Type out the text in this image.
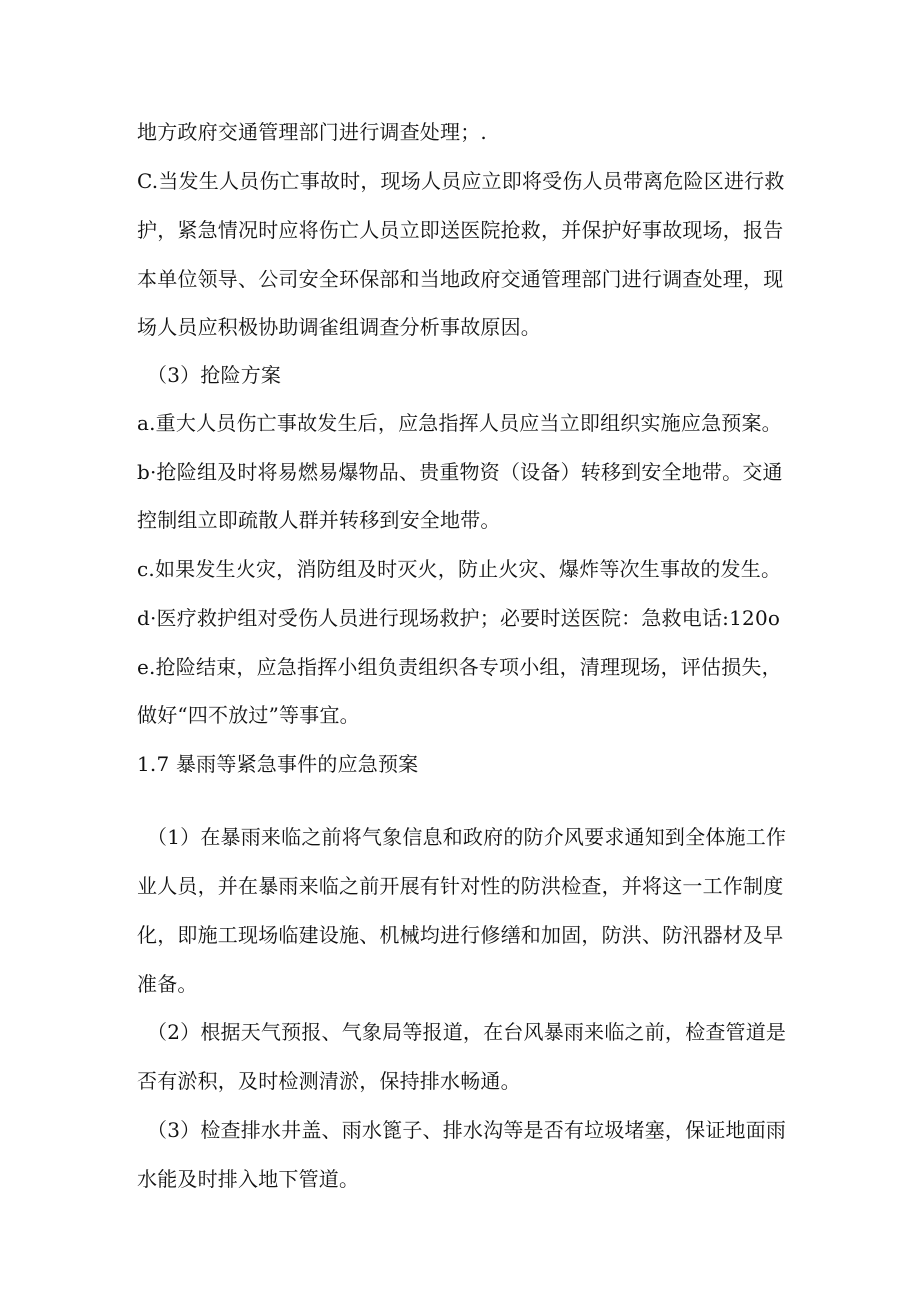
地方政府交通管理部门进行调查处理；.
C.当发生人员伤亡事故时，现场人员应立即将受伤人员带离危险区进行救
护，紧急情况时应将伤亡人员立即送医院抢救，并保护好事故现场，报告
本单位领导、公司安全环保部和当地政府交通管理部门进行调查处理，现
场人员应积极协助调雀组调查分析事故原因。
（3）抢险方案
a.重大人员伤亡事故发生后，应急指挥人员应当立即组织实施应急预案。
b·抢险组及时将易燃易爆物品、贵重物资（设备）转移到安全地带。交通
控制组立即疏散人群并转移到安全地带。
c.如果发生火灾，消防组及时灭火，防止火灾、爆炸等次生事故的发生。
d·医疗救护组对受伤人员进行现场救护；必要时送医院：急救电话:120o
e.抢险结束，应急指挥小组负责组织各专项小组，清理现场，评估损失，
做好“四不放过”等事宜。
1.7 暴雨等紧急事件的应急预案
（1）在暴雨来临之前将气象信息和政府的防介风要求通知到全体施工作
业人员，并在暴雨来临之前开展有针对性的防洪检查，并将这一工作制度
化，即施工现场临建设施、机械均进行修缮和加固，防洪、防汛器材及早
准备。
（2）根据天气预报、气象局等报道，在台风暴雨来临之前，检查管道是
否有淤积，及时检测清淤，保持排水畅通。
（3）检查排水井盖、雨水篦子、排水沟等是否有垃圾堵塞，保证地面雨
水能及时排入地下管道。
